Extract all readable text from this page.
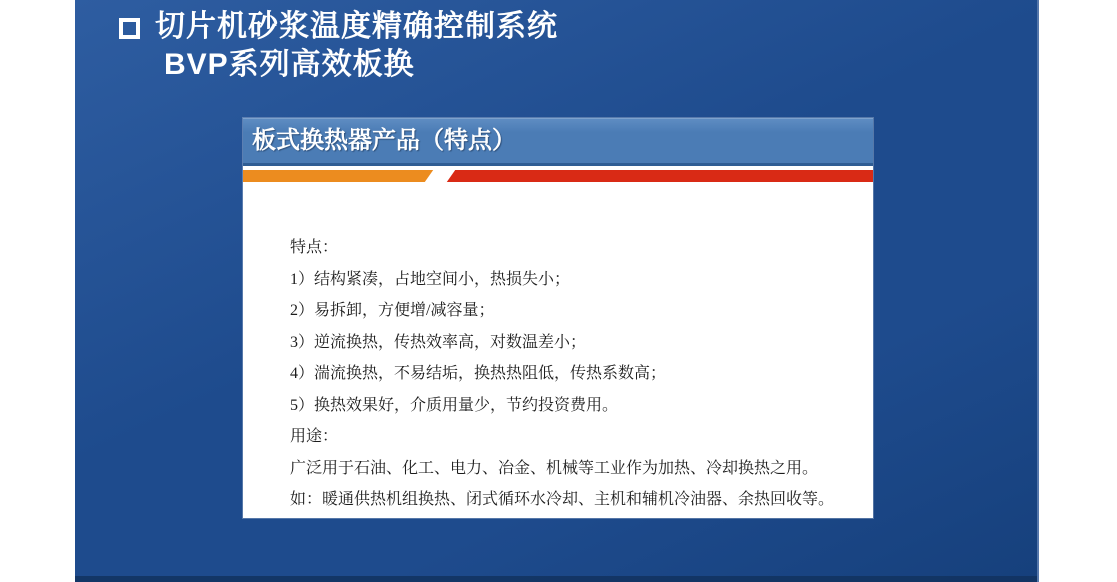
切片机砂浆温度精确控制系统
BVP系列高效板换
板式换热器产品（特点）
特点：
1）结构紧凑，占地空间小，热损失小；
2）易拆卸，方便增/减容量；
3）逆流换热，传热效率高，对数温差小；
4）湍流换热，不易结垢，换热热阻低，传热系数高；
5）换热效果好，介质用量少，节约投资费用。
用途：
广泛用于石油、化工、电力、冶金、机械等工业作为加热、冷却换热之用。
如：暖通供热机组换热、闭式循环水冷却、主机和辅机冷油器、余热回收等。
